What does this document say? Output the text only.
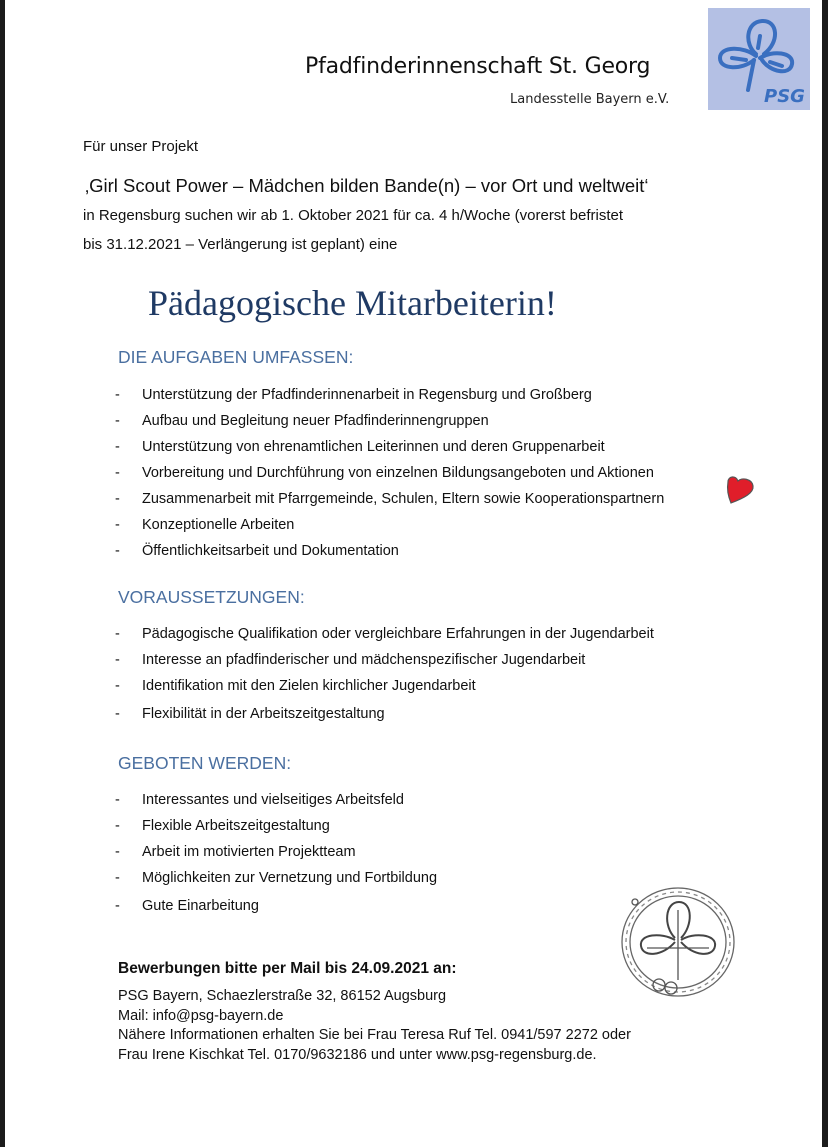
Pfadfinderinnenschaft St. Georg
Landesstelle Bayern e.V.	PSG
Für unser Projekt
‚Girl Scout Power – Mädchen bilden Bande(n) – vor Ort und weltweit‘
in Regensburg suchen wir ab 1. Oktober 2021 für ca. 4 h/Woche (vorerst befristet
bis 31.12.2021 – Verlängerung ist geplant) eine
Pädagogische Mitarbeiterin!
DIE AUFGABEN UMFASSEN:
-	Unterstützung der Pfadfinderinnenarbeit in Regensburg und Großberg
-	Aufbau und Begleitung neuer Pfadfinderinnengruppen
-	Unterstützung von ehrenamtlichen Leiterinnen und deren Gruppenarbeit
-	Vorbereitung und Durchführung von einzelnen Bildungsangeboten und Aktionen
-	Zusammenarbeit mit Pfarrgemeinde, Schulen, Eltern sowie Kooperationspartnern
-	Konzeptionelle Arbeiten
-	Öffentlichkeitsarbeit und Dokumentation
VORAUSSETZUNGEN:
-	Pädagogische Qualifikation oder vergleichbare Erfahrungen in der Jugendarbeit
-	Interesse an pfadfinderischer und mädchenspezifischer Jugendarbeit
-	Identifikation mit den Zielen kirchlicher Jugendarbeit
-	Flexibilität in der Arbeitszeitgestaltung
GEBOTEN WERDEN:
-	Interessantes und vielseitiges Arbeitsfeld
-	Flexible Arbeitszeitgestaltung
-	Arbeit im motivierten Projektteam
-	Möglichkeiten zur Vernetzung und Fortbildung
-	Gute Einarbeitung
Bewerbungen bitte per Mail bis 24.09.2021 an:
PSG Bayern, Schaezlerstraße 32, 86152 Augsburg
Mail: info@psg-bayern.de
Nähere Informationen erhalten Sie bei Frau Teresa Ruf Tel. 0941/597 2272 oder
Frau Irene Kischkat Tel. 0170/9632186 und unter www.psg-regensburg.de.
